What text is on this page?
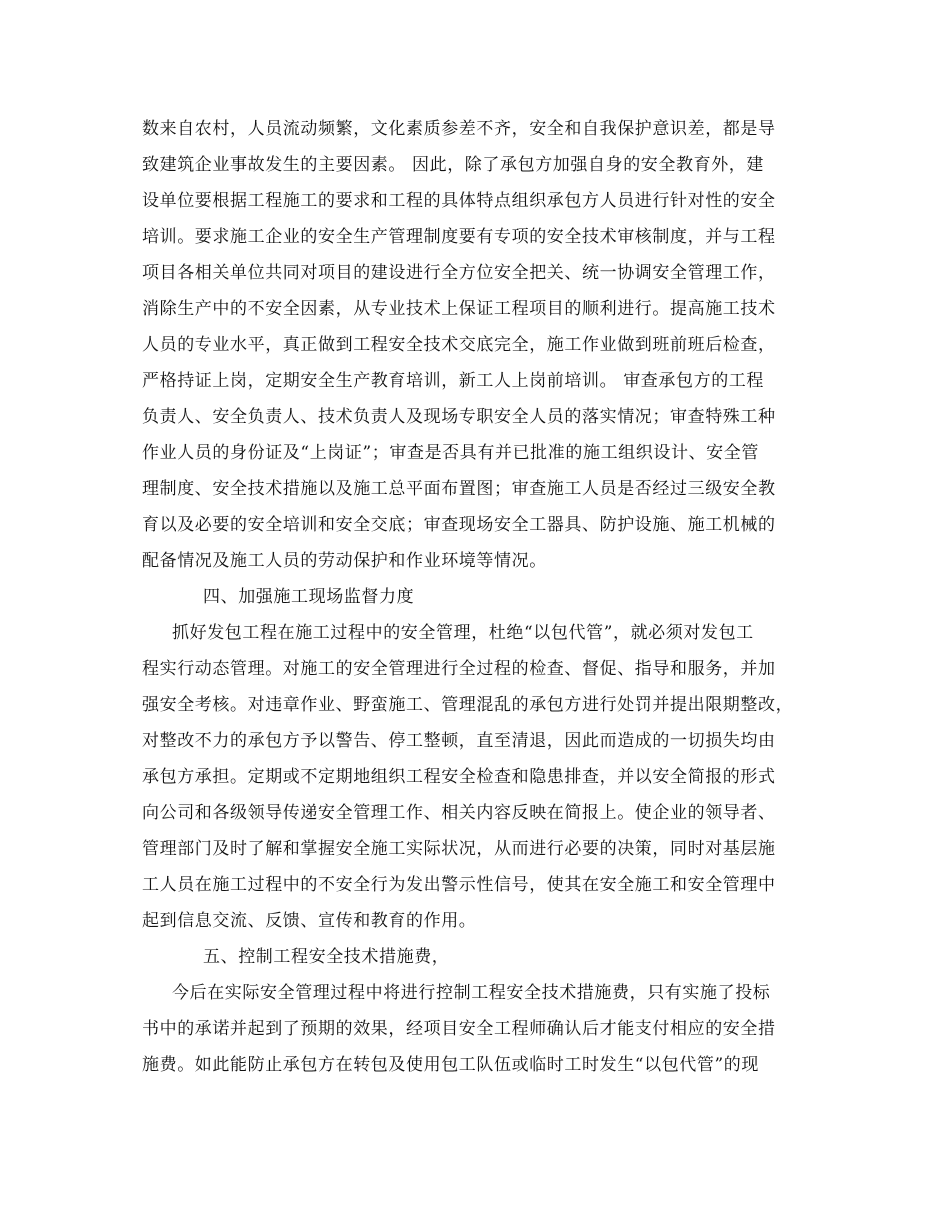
数来自农村，人员流动频繁，文化素质参差不齐，安全和自我保护意识差，都是导
致建筑企业事故发生的主要因素。 因此，除了承包方加强自身的安全教育外，建
设单位要根据工程施工的要求和工程的具体特点组织承包方人员进行针对性的安全
培训。要求施工企业的安全生产管理制度要有专项的安全技术审核制度，并与工程
项目各相关单位共同对项目的建设进行全方位安全把关、统一协调安全管理工作，
消除生产中的不安全因素，从专业技术上保证工程项目的顺利进行。提高施工技术
人员的专业水平，真正做到工程安全技术交底完全，施工作业做到班前班后检查，
严格持证上岗，定期安全生产教育培训，新工人上岗前培训。 审查承包方的工程
负责人、安全负责人、技术负责人及现场专职安全人员的落实情况；审查特殊工种
作业人员的身份证及“上岗证”；审查是否具有并已批准的施工组织设计、安全管
理制度、安全技术措施以及施工总平面布置图；审查施工人员是否经过三级安全教
育以及必要的安全培训和安全交底；审查现场安全工器具、防护设施、施工机械的
配备情况及施工人员的劳动保护和作业环境等情况。
四、加强施工现场监督力度
抓好发包工程在施工过程中的安全管理，杜绝“以包代管”，就必须对发包工
程实行动态管理。对施工的安全管理进行全过程的检查、督促、指导和服务，并加
强安全考核。对违章作业、野蛮施工、管理混乱的承包方进行处罚并提出限期整改，
对整改不力的承包方予以警告、停工整顿，直至清退，因此而造成的一切损失均由
承包方承担。定期或不定期地组织工程安全检查和隐患排查，并以安全简报的形式
向公司和各级领导传递安全管理工作、相关内容反映在简报上。使企业的领导者、
管理部门及时了解和掌握安全施工实际状况，从而进行必要的决策，同时对基层施
工人员在施工过程中的不安全行为发出警示性信号，使其在安全施工和安全管理中
起到信息交流、反馈、宣传和教育的作用。
五、控制工程安全技术措施费，
今后在实际安全管理过程中将进行控制工程安全技术措施费，只有实施了投标
书中的承诺并起到了预期的效果，经项目安全工程师确认后才能支付相应的安全措
施费。如此能防止承包方在转包及使用包工队伍或临时工时发生“以包代管”的现
